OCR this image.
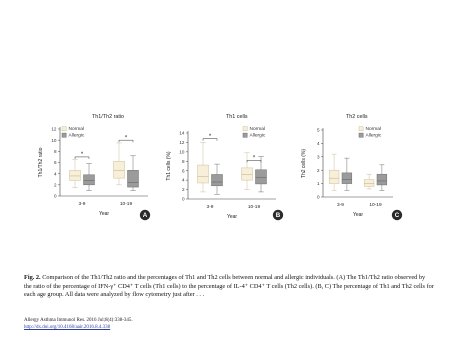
Th1/Th2 ratio
0
2
4
6
8
10
12
Th1/Th2 ratio
3-9	10-19
Year
*
*
Normal
Allergic
A
Th1 cells
0
2
4
6
8
10
12
14
Th1 cells (%)
3-9	10-19
Year
*
*
Normal
Allergic
B
Th2 cells
0
1
2
3
4
5
Th2 cells (%)
3-9	10-19
Year
Normal
Allergic
C

Fig. 2. Comparison of the Th1/Th2 ratio and the percentages of Th1 and Th2 cells between normal and allergic individuals. (A) The Th1/Th2 ratio observed by the ratio of the percentage of IFN-γ⁺ CD4⁺ T cells (Th1 cells) to the percentage of IL-4⁺ CD4⁺ T cells (Th2 cells). (B, C) The percentage of Th1 and Th2 cells for each age group. All data were analyzed by flow cytometry just after . . .

Allergy Asthma Immunol Res. 2016 Jul;8(4):338-345.
http://dx.doi.org/10.4168/aair.2016.8.4.338
